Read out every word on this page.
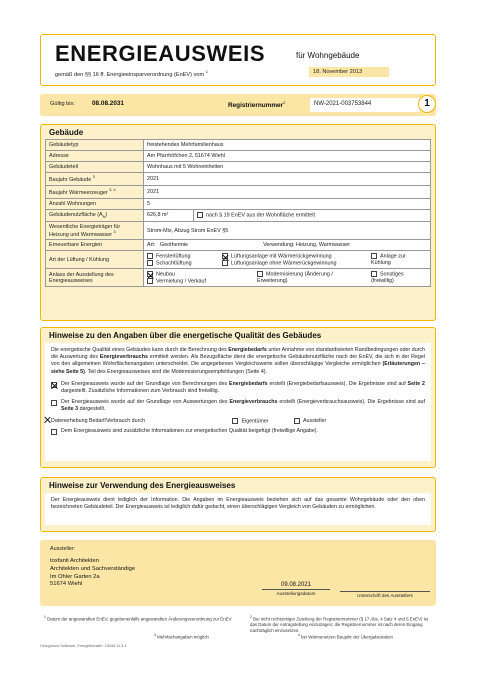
ENERGIEAUSWEIS	für Wohngebäude
gemäß den §§ 16 ff. Energieeinsparverordnung (EnEV) vom $^1$	18. November 2013
Gültig bis:	08.08.2031	Registriernummer$^2$	NW-2021-003753844	1
Gebäude
Gebäudetyp	freistehendes Mehrfamilienhaus	
Adresse	Am Pfarrhöfchen 2, 51674 Wiehl	
Gebäudeteil	Wohnhaus mit 5 Wohneinheiten	
Baujahr Gebäude $^3$	2021	
Baujahr Wärmeerzeuger $^{3, 4}$	2021	
Anzahl Wohnungen	5	
Gebäudenutzfläche $(A_N)$	626,8 m²	nach § 19 EnEV aus der Wohnfläche ermittelt
Wesentliche Energieträger für Heizung und Warmwasser $^3$	Strom-Mix, Abzug Strom EnEV §5	
Erneuerbare Energien	Art: Geothermie Verwendung: Heizung, Warmwasser	
Art der Lüftung / Kühlung	Fensterlüftung
Schachtlüftung
Lüftungsanlage mit Wärmerückgewinnung
Lüftungsanlage ohne Wärmerückgewinnung
Anlage zur Kühlung	

Anlass der Ausstellung des Energieausweises	Neubau
Vermietung / Verkauf
Modernisierung (Änderung / Erweiterung)
Sonstiges (freiwillig)	
Hinweise zu den Angaben über die energetische Qualität des Gebäudes
Die energetische Qualität eines Gebäudes kann durch die Berechnung des Energiebedarfs unter Annahme von standardisierten Randbedingungen oder durch die Auswertung des Energieverbrauchs ermittelt werden. Als Bezugsfläche dient die energetische Gebäudenutzfläche nach der EnEV, die sich in der Regel von den allgemeinen Wohnflächenangaben unterscheidet. Die angegebenen Vergleichswerte sollen überschlägige Vergleiche ermöglichen (Erläuterungen – siehe Seite 5). Teil des Energieausweises sind die Modernisierungsempfehlungen (Seite 4).
Der Energieausweis wurde auf der Grundlage von Berechnungen des Energiebedarfs erstellt (Energiebedarfsausweis). Die Ergebnisse sind auf Seite 2 dargestellt. Zusätzliche Informationen zum Verbrauch sind freiwillig.
Der Energieausweis wurde auf der Grundlage von Auswertungen des Energieverbrauchs erstellt (Energieverbrauchsausweis). Die Ergebnisse sind auf Seite 3 dargestellt.
Datenerhebung Bedarf/Verbrauch durch	Eigentümer	Aussteller
Dem Energieausweis sind zusätzliche Informationen zur energetischen Qualität beigefügt (freiwillige Angabe).
Hinweise zur Verwendung des Energieausweises
Der Energieausweis dient lediglich der Information. Die Angaben im Energieausweis beziehen sich auf das gesamte Wohngebäude oder den oben bezeichneten Gebäudeteil. Der Energieausweis ist lediglich dafür gedacht, einen überschlägigen Vergleich von Gebäuden zu ermöglichen.
Aussteller:
toxfanti Architekten
Architekten und Sachverständige
Im Ohler Garten 2a
51674 Wiehl	09.08.2021
Ausstellungsdatum	Unterschrift des Ausstellers
$^1$ Datum der angewandten EnEV, gegebenenfalls angewandten Änderungsverordnung zur EnEV	$^2$ Bei nicht rechtzeitiger Zuteilung der Registriernummer (§ 17 Abs. 4 Satz 4 und 5 EnEV) ist das Datum der Antragstellung einzutragen; die Registriernummer ist nach deren Eingang nachträglich einzusetzen.
$^3$ Mehrfachangaben möglich	$^4$ bei Wärmenetzen Baujahr der Übergabestation
Holzgrosch-Software, Energieberater: 13046 11.3.4
